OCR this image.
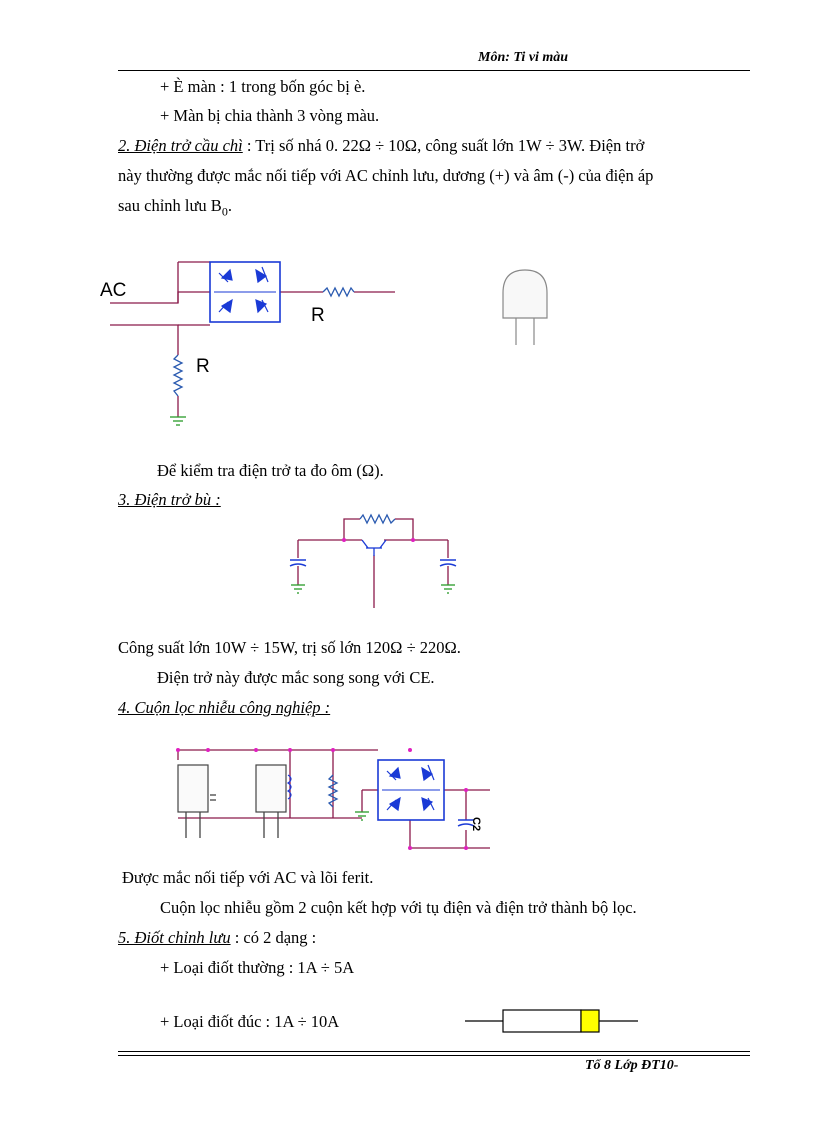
Môn: Ti vi màu
+ È màn : 1 trong bốn góc bị è.
+ Màn bị chia thành 3 vòng màu.
2. Điện trở cầu chì : Trị số nhá 0. 22Ω ÷ 10Ω, công suất lớn 1W ÷ 3W. Điện trở
này thường được mắc nối tiếp với AC chỉnh lưu, dương (+) và âm (-) của điện áp
sau chỉnh lưu $B_0$.
AC
R
R
Để kiểm tra điện trở ta đo ôm (Ω).
3. Điện trở bù :
Công suất lớn 10W ÷ 15W, trị số lớn 120Ω ÷ 220Ω.
Điện trở này được mắc song song với CE.
4. Cuộn lọc nhiễu công nghiệp :
C2
Được mắc nối tiếp với AC và lõi ferit.
Cuộn lọc nhiễu gồm 2 cuộn kết hợp với tụ điện và điện trở thành bộ lọc.
5. Điốt chỉnh lưu : có 2 dạng :
+ Loại điốt thường : 1A ÷ 5A
+ Loại điốt đúc : 1A ÷ 10A
Tổ 8 Lớp ĐT10-
